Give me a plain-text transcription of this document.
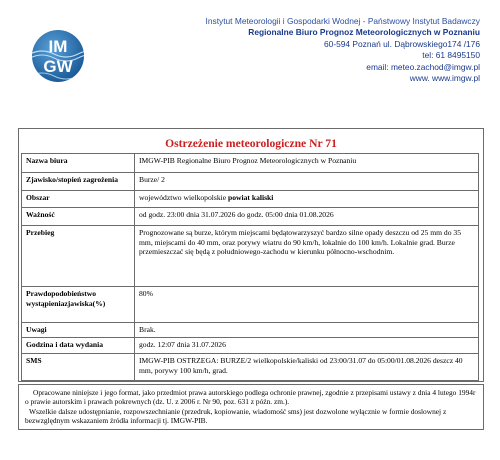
IM
GW
Instytut Meteorologii i Gospodarki Wodnej - Państwowy Instytut Badawczy
Regionalne Biuro Prognoz Meteorologicznych w Poznaniu
60-594 Poznań ul. Dąbrowskiego174 /176
tel: 61 8495150
email: meteo.zachod@imgw.pl
www. www.imgw.pl
Ostrzeżenie meteorologiczne Nr 71
Nazwa biura	IMGW-PIB Regionalne Biuro Prognoz Meteorologicznych w Poznaniu
Zjawisko/stopień zagrożenia	Burze/ 2
Obszar	województwo wielkopolskie powiat kaliski
Ważność	od godz. 23:00 dnia 31.07.2026 do godz. 05:00 dnia 01.08.2026
Przebieg	Prognozowane są burze, którym miejscami będątowarzyszyć bardzo silne opady deszczu od 25 mm do 35 mm, miejscami do 40 mm, oraz porywy wiatru do 90 km/h, lokalnie do 100 km/h. Lokalnie grad. Burze przemieszczać się będą z południowego-zachodu w kierunku północno-wschodnim.
Prawdopodobieństwo wystąpieniazjawiska(%)	80%
Uwagi	Brak.
Godzina i data wydania	godz. 12:07 dnia 31.07.2026
SMS	IMGW-PIB OSTRZEGA: BURZE/2 wielkopolskie/kaliski od 23:00/31.07 do 05:00/01.08.2026 deszcz 40 mm, porywy 100 km/h, grad.

Opracowane niniejsze i jego format, jako przedmiot prawa autorskiego podlega ochronie prawnej, zgodnie z przepisami ustawy z dnia 4 lutego 1994r o prawie autorskim i prawach pokrewnych (dz. U. z 2006 r. Nr 90, poz. 631 z późn. zm.).

Wszelkie dalsze udostępnianie, rozpowszechnianie (przedruk, kopiowanie, wiadomość sms) jest dozwolone wyłącznie w formie doslownej z bezwzględnym wskazaniem źródła informacji tj. IMGW-PIB.
